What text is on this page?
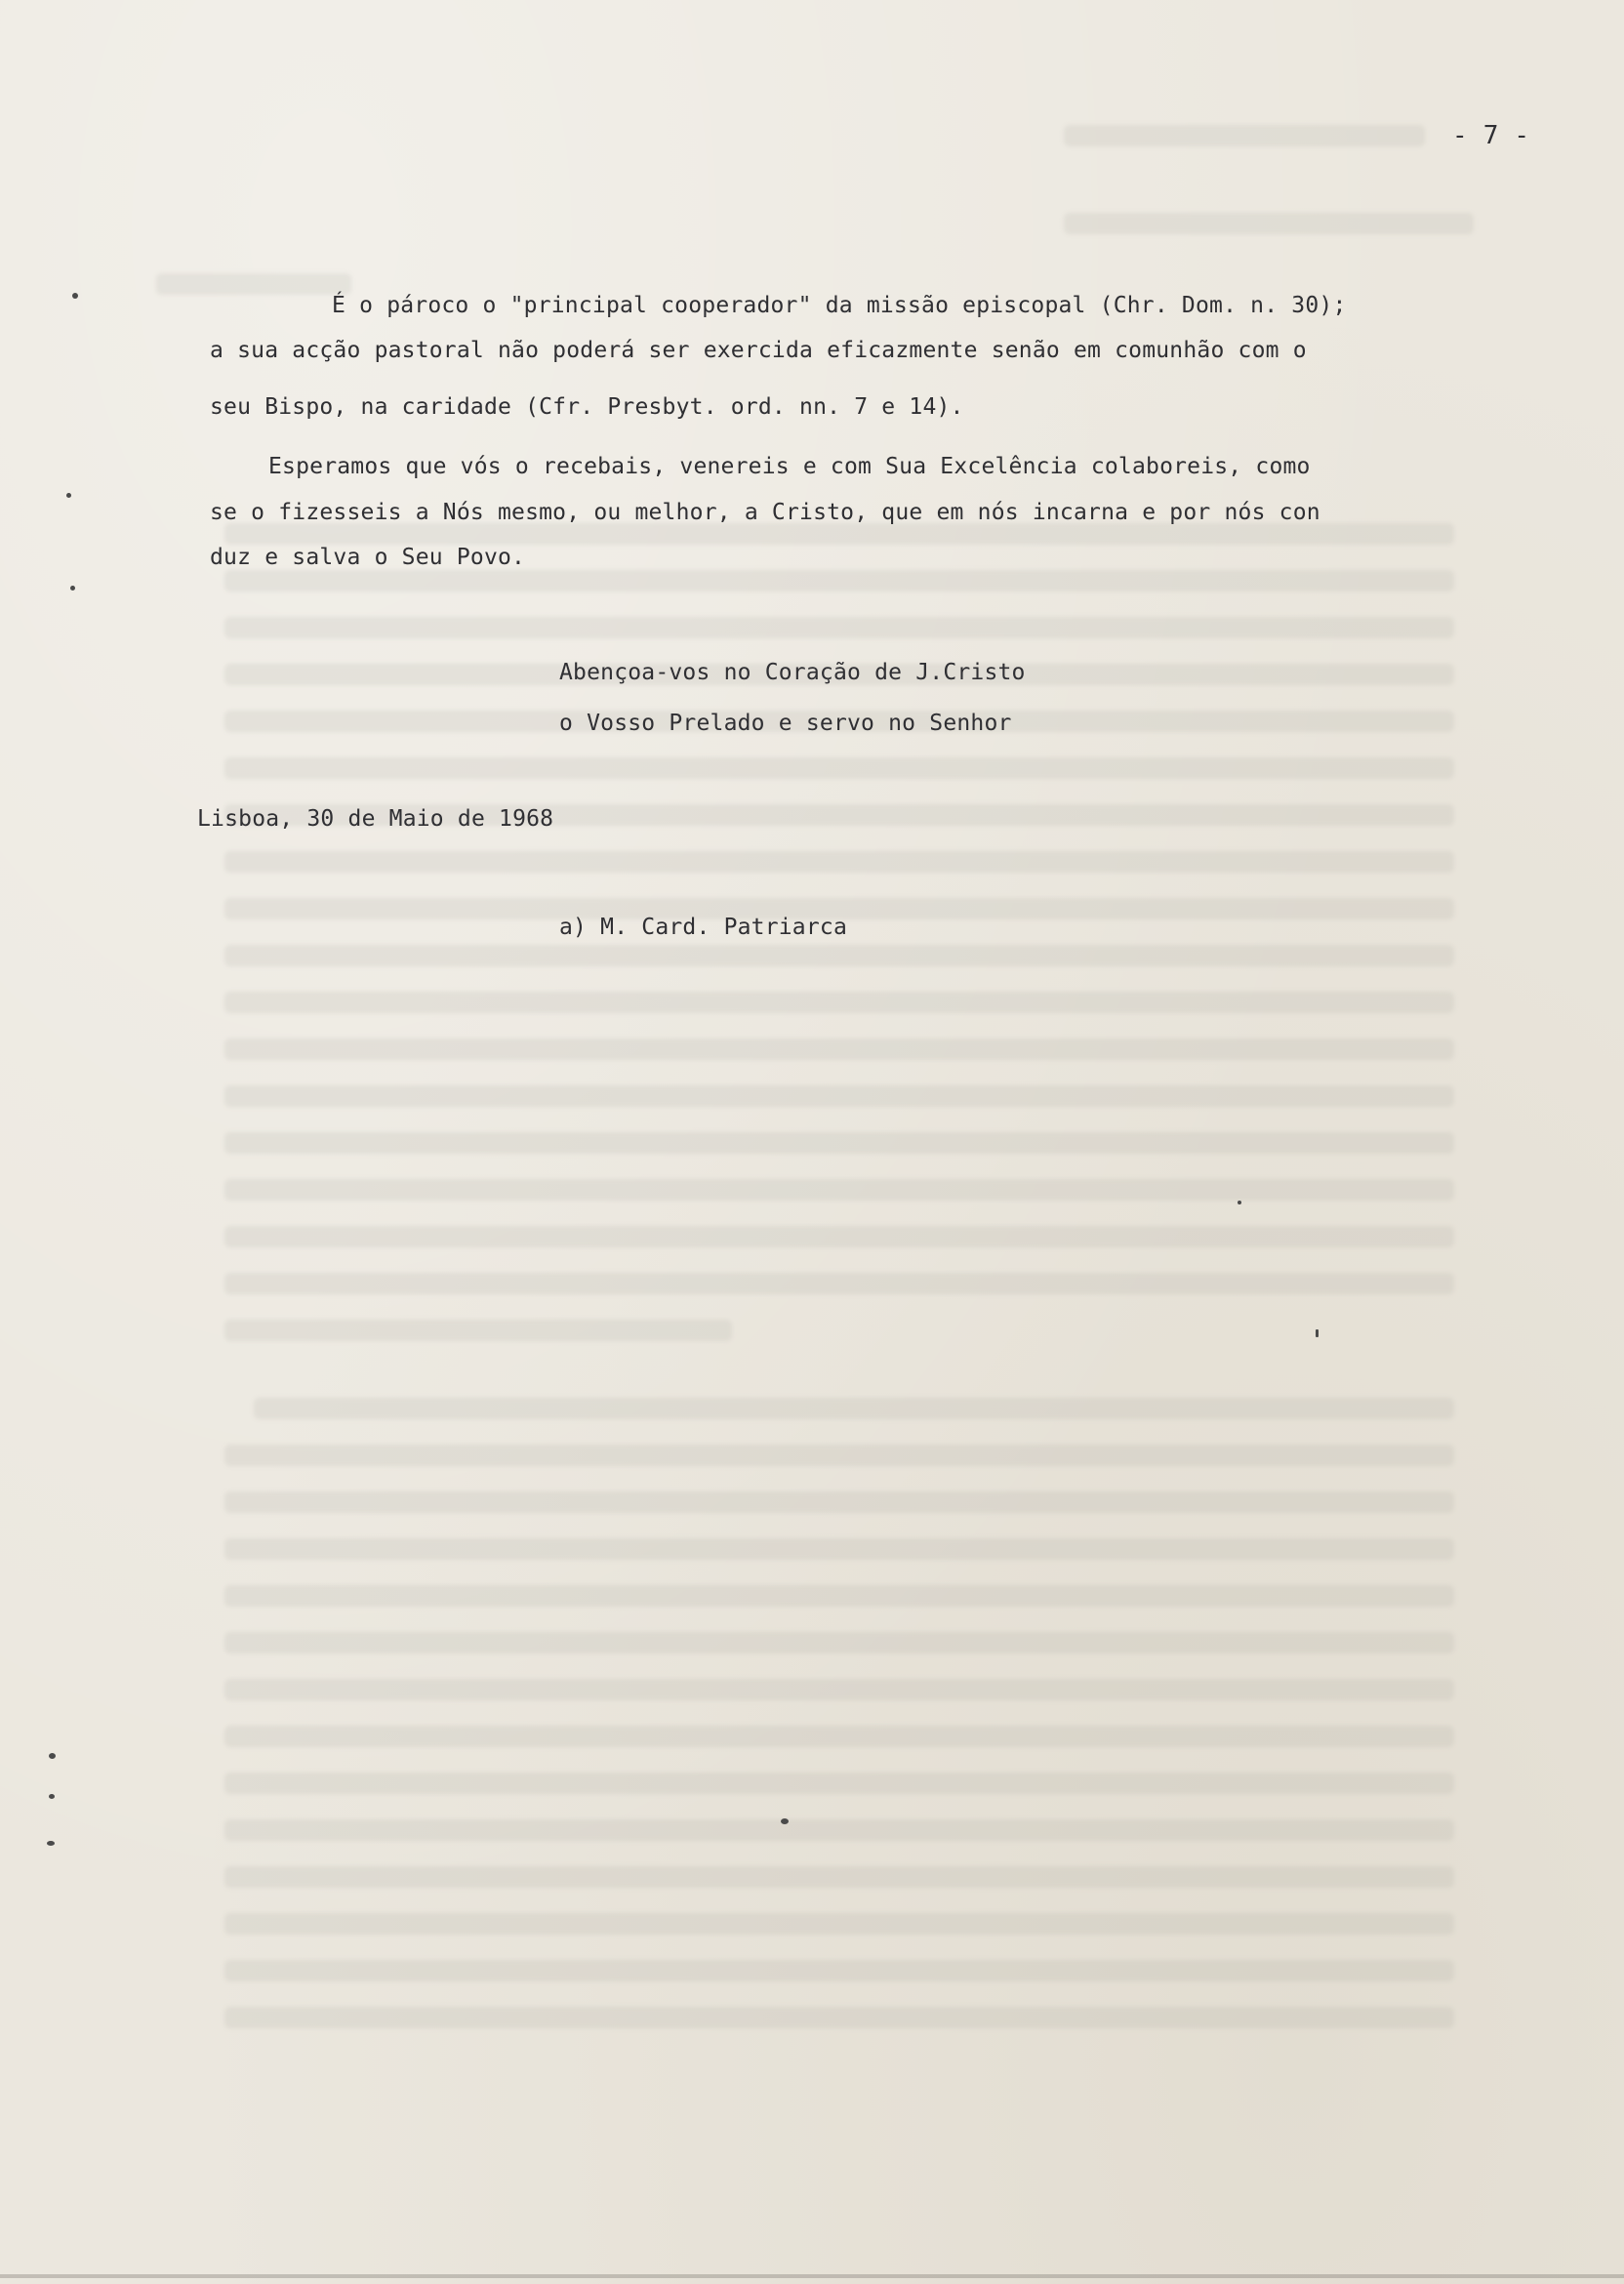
- 7 -
É o pároco o "principal cooperador" da missão episcopal (Chr. Dom. n. 30);
a sua acção pastoral não poderá ser exercida eficazmente senão em comunhão com o
seu Bispo, na caridade (Cfr. Presbyt. ord. nn. 7 e 14).
Esperamos que vós o recebais, venereis e com Sua Excelência colaboreis, como
se o fizesseis a Nós mesmo, ou melhor, a Cristo, que em nós incarna e por nós con
duz e salva o Seu Povo.
Abençoa-vos no Coração de J.Cristo
o Vosso Prelado e servo no Senhor
Lisboa, 30 de Maio de 1968
a) M. Card. Patriarca
